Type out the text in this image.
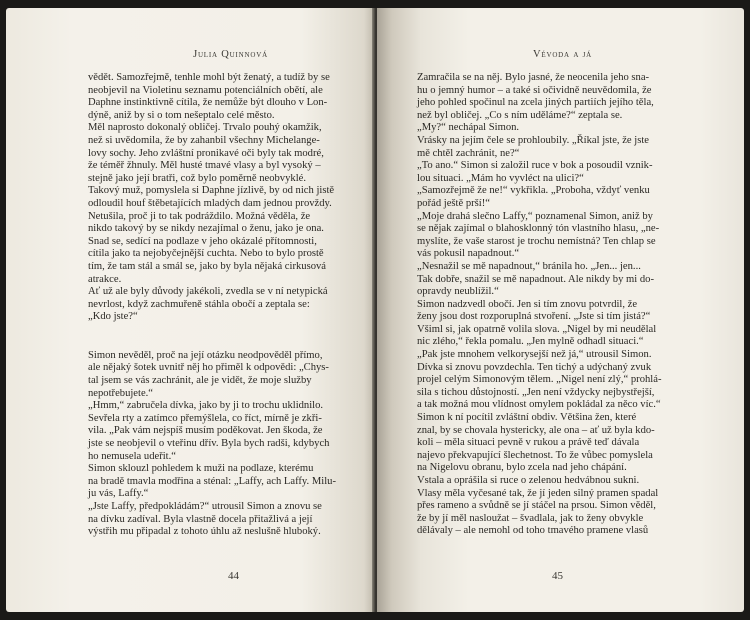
Julia Quinnová
vědět. Samozřejmě, tenhle mohl být ženatý, a tudíž by se
neobjevil na Violetinu seznamu potenciálních obětí, ale
Daphne instinktivně cítila, že nemůže být dlouho v Lon-
dýně, aniž by si o tom nešeptalo celé město.
Měl naprosto dokonalý obličej. Trvalo pouhý okamžik,
než si uvědomila, že by zahanbil všechny Michelange-
lovy sochy. Jeho zvláštní pronikavé oči byly tak modré,
že téměř žhnuly. Měl husté tmavé vlasy a byl vysoký –
stejně jako její bratři, což bylo poměrně neobvyklé.
Takový muž, pomyslela si Daphne jízlivě, by od nich jistě
odloudil houf štěbetajících mladých dam jednou provždy.
Netušila, proč ji to tak podráždilo. Možná věděla, že
nikdo takový by se nikdy nezajímal o ženu, jako je ona.
Snad se, sedící na podlaze v jeho okázalé přítomnosti,
cítila jako ta nejobyčejnější cuchta. Nebo to bylo prostě
tím, že tam stál a smál se, jako by byla nějaká cirkusová
atrakce.
Ať už ale byly důvody jakékoli, zvedla se v ní netypická
nevrlost, když zachmuřeně stáhla obočí a zeptala se:
„Kdo jste?“
Simon nevěděl, proč na její otázku neodpověděl přímo,
ale nějaký šotek uvnitř něj ho přiměl k odpovědi: „Chys-
tal jsem se vás zachránit, ale je vidět, že moje služby
nepotřebujete.“
„Hmm,“ zabručela dívka, jako by ji to trochu uklidnilo.
Sevřela rty a zatímco přemýšlela, co říct, mírně je zkři-
vila. „Pak vám nejspíš musím poděkovat. Jen škoda, že
jste se neobjevil o vteřinu dřív. Byla bych radši, kdybych
ho nemusela udeřit.“
Simon sklouzl pohledem k muži na podlaze, kterému
na bradě tmavla modřina a sténal: „Laffy, ach Laffy. Milu-
ju vás, Laffy.“
„Jste Laffy, předpokládám?“ utrousil Simon a znovu se
na dívku zadíval. Byla vlastně docela přitažlivá a její
výstřih mu připadal z tohoto úhlu až neslušně hluboký.
44
Vévoda a já
Zamračila se na něj. Bylo jasné, že neocenila jeho sna-
hu o jemný humor – a také si očividně neuvědomila, že
jeho pohled spočinul na zcela jiných partiích jejího těla,
než byl obličej. „Co s ním uděláme?“ zeptala se.
„My?“ nechápal Simon.
Vrásky na jejím čele se prohloubily. „Říkal jste, že jste
mě chtěl zachránit, ne?“
„To ano.“ Simon si založil ruce v bok a posoudil vznik-
lou situaci. „Mám ho vyvléct na ulici?“
„Samozřejmě že ne!“ vykřikla. „Proboha, vždyť venku
pořád ještě prší!“
„Moje drahá slečno Laffy,“ poznamenal Simon, aniž by
se nějak zajímal o blahosklonný tón vlastního hlasu, „ne-
myslíte, že vaše starost je trochu nemístná? Ten chlap se
vás pokusil napadnout.“
„Nesnažil se mě napadnout,“ bránila ho. „Jen... jen...
Tak dobře, snažil se mě napadnout. Ale nikdy by mi do-
opravdy neublížil.“
Simon nadzvedl obočí. Jen si tím znovu potvrdil, že
ženy jsou dost rozporuplná stvoření. „Jste si tím jistá?“
Všiml si, jak opatrně volila slova. „Nigel by mi neudělal
nic zlého,“ řekla pomalu. „Jen mylně odhadl situaci.“
„Pak jste mnohem velkorysejší než já,“ utrousil Simon.
Dívka si znovu povzdechla. Ten tichý a udýchaný zvuk
projel celým Simonovým tělem. „Nigel není zlý,“ prohlá-
sila s tichou důstojností. „Jen není vždycky nejbystřejší,
a tak možná mou vlídnost omylem pokládal za něco víc.“
Simon k ní pocítil zvláštní obdiv. Většina žen, které
znal, by se chovala hystericky, ale ona – ať už byla kdo-
koli – měla situaci pevně v rukou a právě teď dávala
najevo překvapující šlechetnost. To že vůbec pomyslela
na Nigelovu obranu, bylo zcela nad jeho chápání.
Vstala a oprášila si ruce o zelenou hedvábnou sukni.
Vlasy měla vyčesané tak, že jí jeden silný pramen spadal
přes rameno a svůdně se jí stáčel na prsou. Simon věděl,
že by jí měl nasloužat – švadlala, jak to ženy obvykle
dělávaly – ale nemohl od toho tmavého pramene vlasů
45
